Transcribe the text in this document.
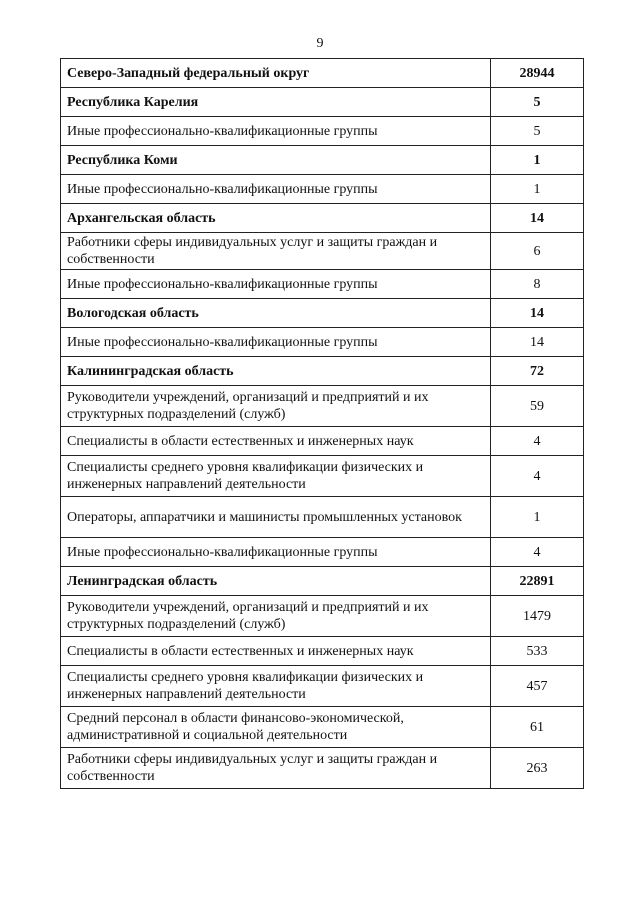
9
Северо-Западный федеральный округ	28944
Республика Карелия	5
Иные профессионально-квалификационные группы	5
Республика Коми	1
Иные профессионально-квалификационные группы	1
Архангельская область	14
Работники сферы индивидуальных услуг и защиты граждан и собственности	6
Иные профессионально-квалификационные группы	8
Вологодская область	14
Иные профессионально-квалификационные группы	14
Калининградская область	72
Руководители учреждений, организаций и предприятий и их структурных подразделений (служб)	59
Специалисты в области естественных и инженерных наук	4
Специалисты среднего уровня квалификации физических и инженерных направлений деятельности	4
Операторы, аппаратчики и машинисты промышленных установок	1
Иные профессионально-квалификационные группы	4
Ленинградская область	22891
Руководители учреждений, организаций и предприятий и их структурных подразделений (служб)	1479
Специалисты в области естественных и инженерных наук	533
Специалисты среднего уровня квалификации физических и инженерных направлений деятельности	457
Средний персонал в области финансово-экономической, административной и социальной деятельности	61
Работники сферы индивидуальных услуг и защиты граждан и собственности	263
